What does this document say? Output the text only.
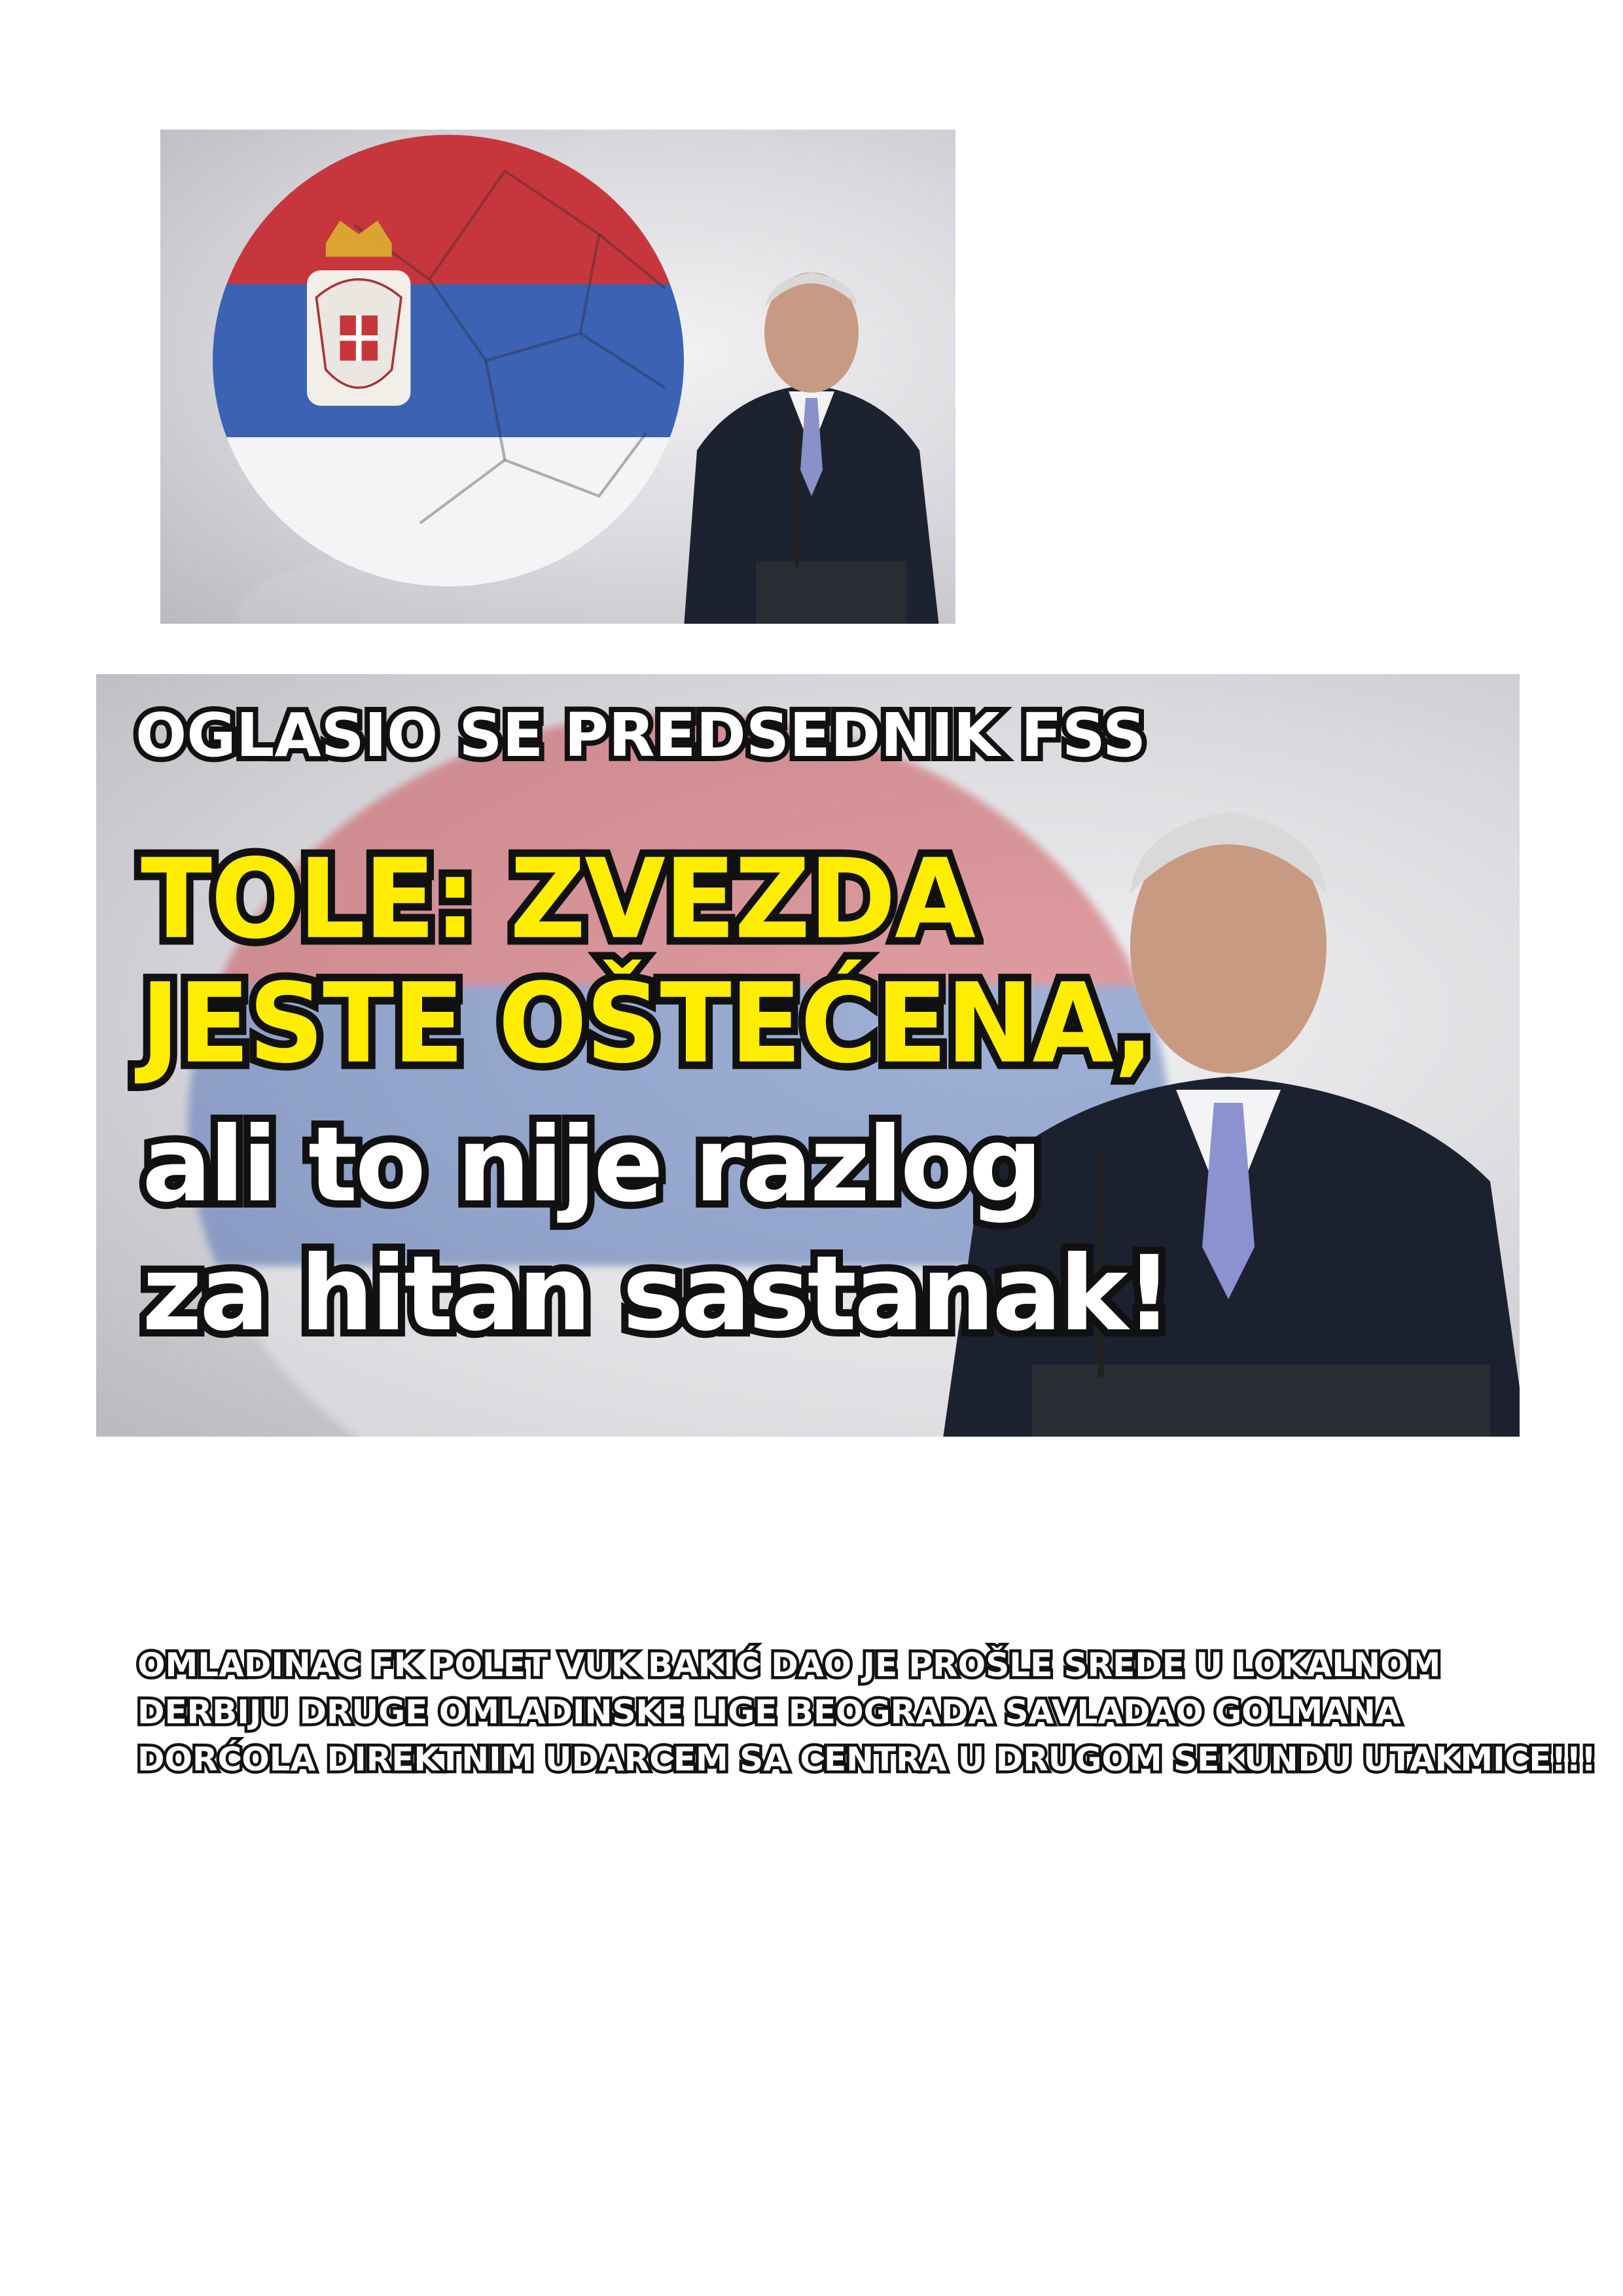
OGLASIO SE PREDSEDNIK FSS

TOLE: ZVEZDA

JESTE OŠTEĆENA,

ali to nije razlog

za hitan sastanak!

OMLADINAC FK POLET VUK BAKIĆ DAO JE PROŠLE SREDE U LOKALNOM
DERBIJU DRUGE OMLADINSKE LIGE BEOGRADA SAVLADAO GOLMANA
DORĆOLA DIREKTNIM UDARCEM SA CENTRA U DRUGOM SEKUNDU UTAKMICE!!!
